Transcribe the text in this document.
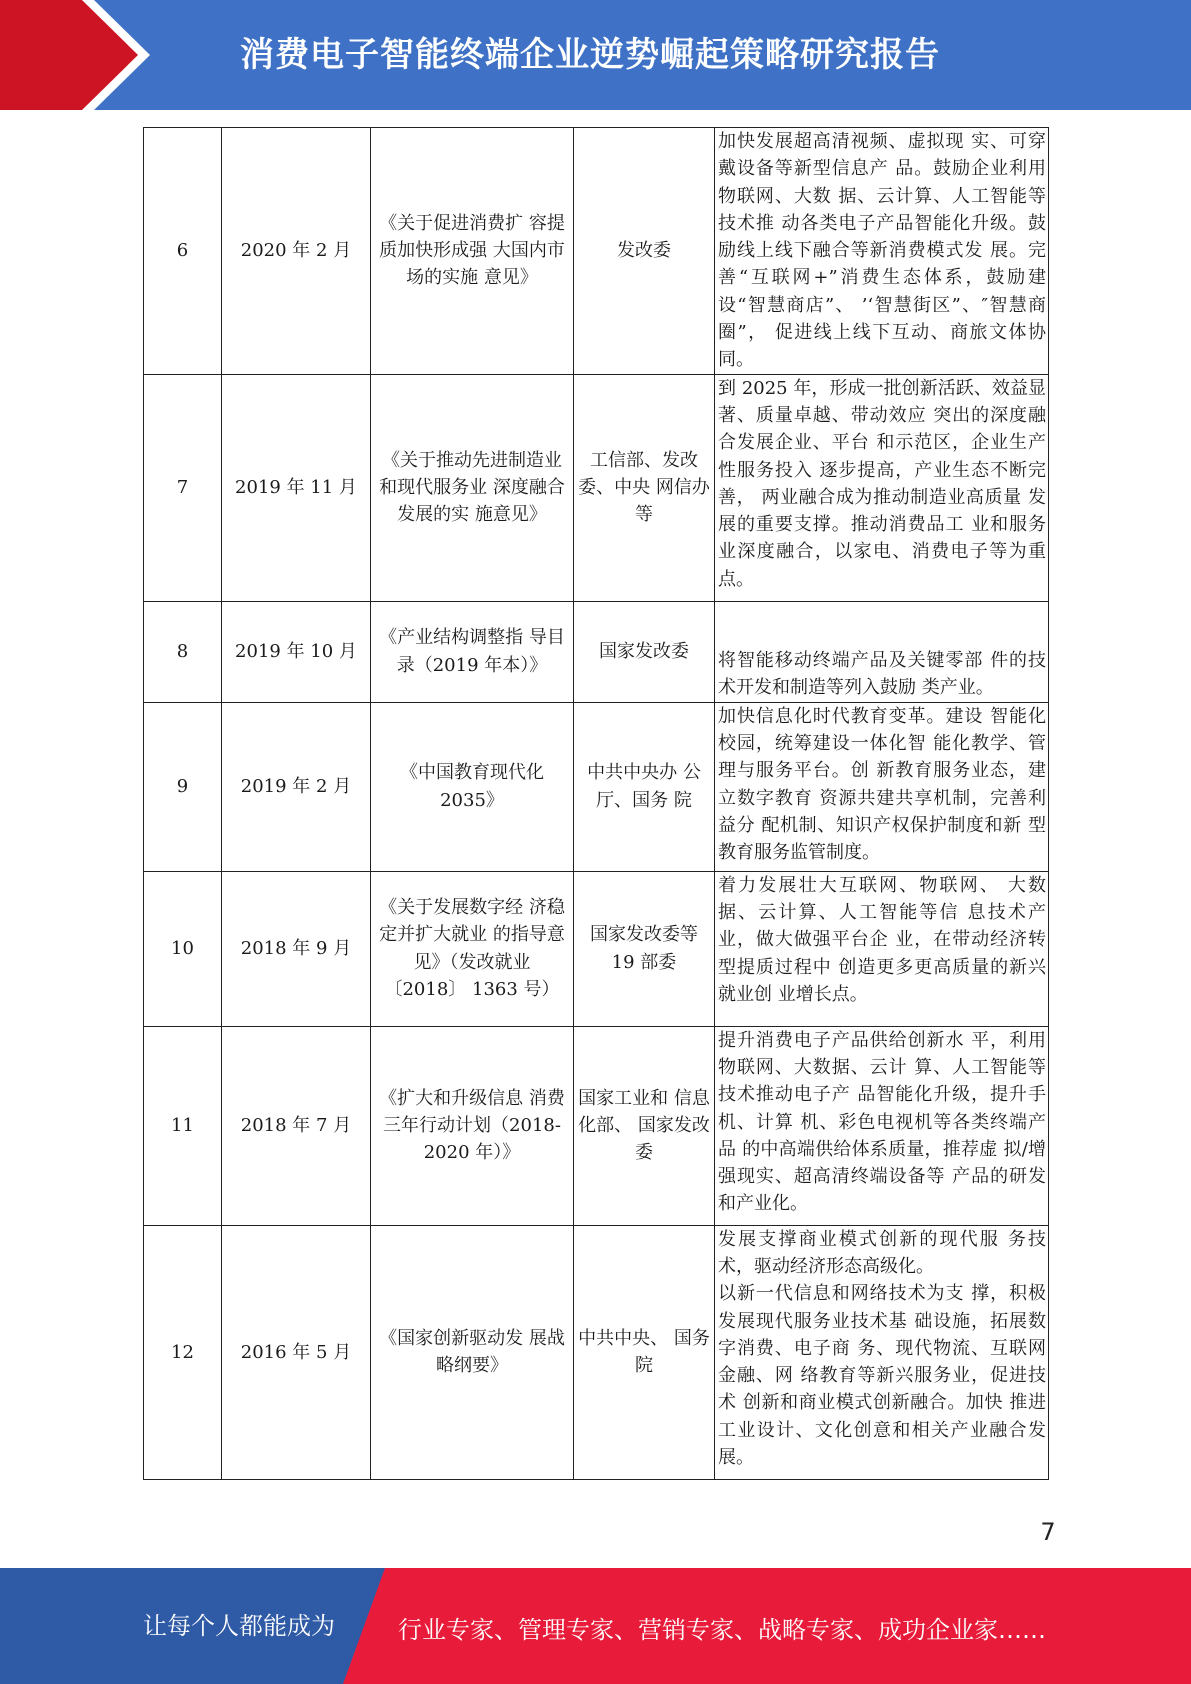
消费电子智能终端企业逆势崛起策略研究报告
6	2020 年 2 月	《关于促进消费扩 容提质加快形成强 大国内市场的实施 意见》	发改委	加快发展超高清视频、虚拟现 实、可穿戴设备等新型信息产 品。鼓励企业利用物联网、大数 据、云计算、人工智能等技术推 动各类电子产品智能化升级。鼓 励线上线下融合等新消费模式发 展。完善“互联网+”消费生态体系，鼓励建设“智慧商店”、 ’‘智慧街区”、″智慧商圈”， 促进线上线下互动、商旅文体协 同。

7	2019 年 11 月	《关于推动先进制造业和现代服务业 深度融合发展的实 施意见》	工信部、发改委、中央 网信办等	到 2025 年，形成一批创新活跃、效益显著、质量卓越、带动效应 突出的深度融合发展企业、平台 和示范区，企业生产性服务投入 逐步提高，产业生态不断完善， 两业融合成为推动制造业高质量 发展的重要支撑。推动消费品工 业和服务业深度融合，以家电、消费电子等为重点。

8	2019 年 10 月	《产业结构调整指 导目录（2019 年本）》	国家发改委	将智能移动终端产品及关键零部 件的技术开发和制造等列入鼓励 类产业。

9	2019 年 2 月	《中国教育现代化 2035》	中共中央办 公厅、国务 院	加快信息化时代教育变革。建设 智能化校园，统筹建设一体化智 能化教学、管理与服务平台。创 新教育服务业态，建立数字教育 资源共建共享机制，完善利益分 配机制、知识产权保护制度和新 型教育服务监管制度。

10	2018 年 9 月	《关于发展数字经 济稳定并扩大就业 的指导意见》（发改就业〔2018〕 1363 号）	国家发改委等 19 部委	着力发展壮大互联网、物联网、 大数据、云计算、人工智能等信 息技术产业，做大做强平台企 业，在带动经济转型提质过程中 创造更多更高质量的新兴就业创 业增长点。

11	2018 年 7 月	《扩大和升级信息 消费三年行动计划（2018-2020 年）》	国家工业和 信息化部、 国家发改委	提升消费电子产品供给创新水 平，利用物联网、大数据、云计 算、人工智能等技术推动电子产 品智能化升级，提升手机、计算 机、彩色电视机等各类终端产品 的中高端供给体系质量，推荐虚 拟/增强现实、超高清终端设备等 产品的研发和产业化。

12	2016 年 5 月	《国家创新驱动发 展战略纲要》	中共中央、 国务院	发展支撑商业模式创新的现代服 务技术，驱动经济形态高级化。

以新一代信息和网络技术为支 撑，积极发展现代服务业技术基 础设施，拓展数字消费、电子商 务、现代物流、互联网金融、网 络教育等新兴服务业，促进技术 创新和商业模式创新融合。加快 推进工业设计、文化创意和相关产业融合发展。

7
让每个人都能成为	行业专家、管理专家、营销专家、战略专家、成功企业家……
